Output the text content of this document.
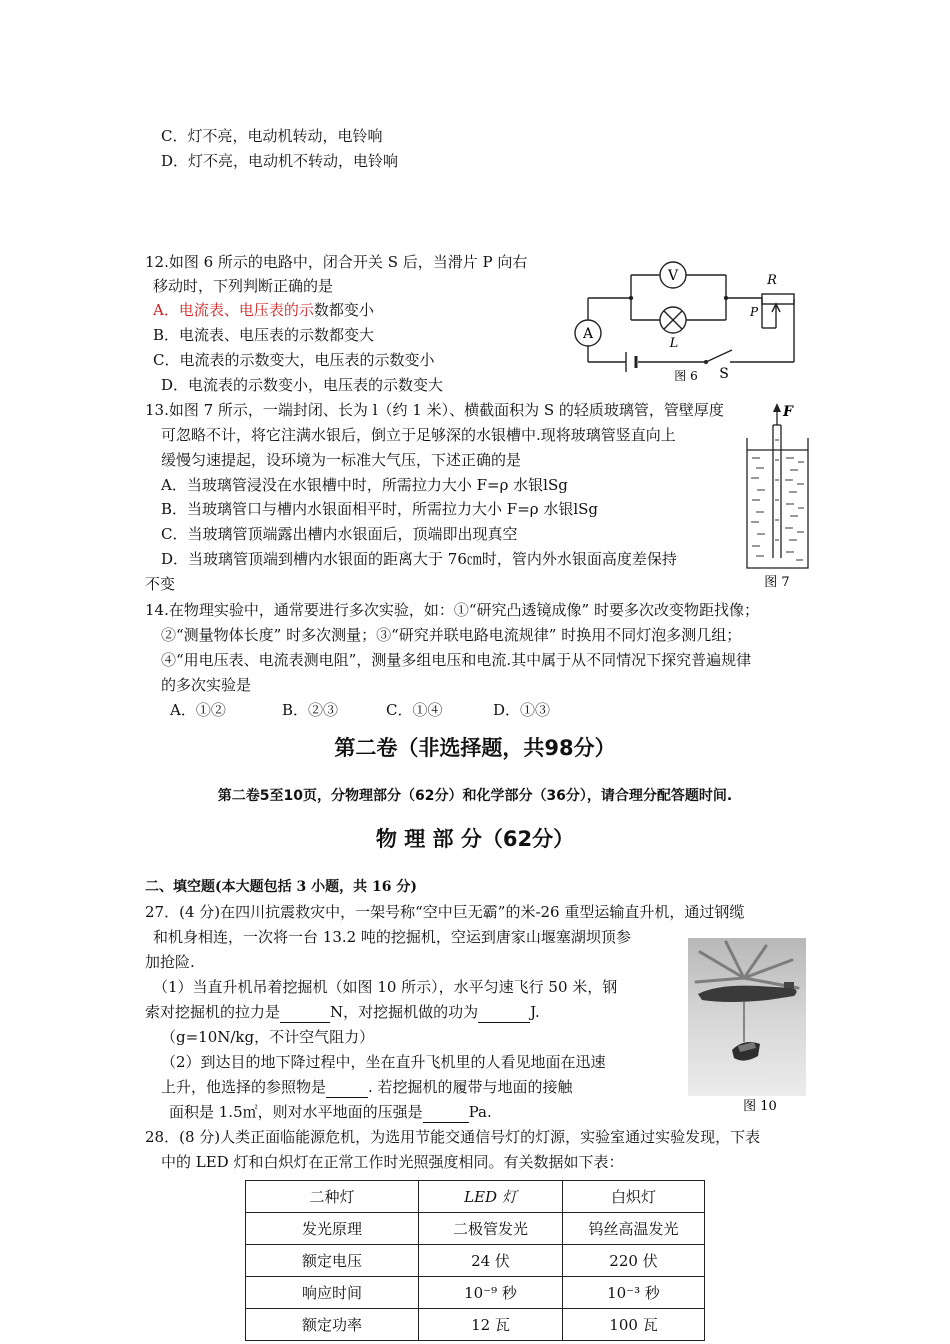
C．灯不亮，电动机转动，电铃响
D．灯不亮，电动机不转动，电铃响
12.如图 6 所示的电路中，闭合开关 S 后，当滑片 P 向右
移动时，下列判断正确的是
A．电流表、电压表的示数都变小
B．电流表、电压表的示数都变大
C．电流表的示数变大，电压表的示数变小
D．电流表的示数变小，电压表的示数变大
V
A
L
R
P
S
图 6
13.如图 7 所示，一端封闭、长为 l（约 1 米）、横截面积为 S 的轻质玻璃管，管壁厚度
可忽略不计，将它注满水银后，倒立于足够深的水银槽中.现将玻璃管竖直向上
缓慢匀速提起，设环境为一标准大气压，下述正确的是
A．当玻璃管浸没在水银槽中时，所需拉力大小 F=ρ 水银lSg
B．当玻璃管口与槽内水银面相平时，所需拉力大小 F=ρ 水银lSg
C．当玻璃管顶端露出槽内水银面后，顶端即出现真空
D．当玻璃管顶端到槽内水银面的距离大于 76㎝时，管内外水银面高度差保持
不变
F
图 7
14.在物理实验中，通常要进行多次实验，如：①“研究凸透镜成像” 时要多次改变物距找像；
②“测量物体长度” 时多次测量；③“研究并联电路电流规律” 时换用不同灯泡多测几组；
④“用电压表、电流表测电阻”，测量多组电压和电流.其中属于从不同情况下探究普遍规律
的多次实验是
A．①②	B．②③	C．①④	D．①③
第二卷（非选择题，共98分）
第二卷5至10页，分物理部分（62分）和化学部分（36分），请合理分配答题时间.
物 理 部 分（62分）
二、填空题(本大题包括 3 小题，共 16 分)
27．(4 分)在四川抗震救灾中，一架号称“空中巨无霸”的米-26 重型运输直升机，通过钢缆
和机身相连，一次将一台 13.2 吨的挖掘机，空运到唐家山堰塞湖坝顶参
加抢险.
（1）当直升机吊着挖掘机（如图 10 所示），水平匀速飞行 50 米，钢
索对挖掘机的拉力是	N，对挖掘机做的功为	J.
（g=10N/kg，不计空气阻力）
（2）到达目的地下降过程中，坐在直升飞机里的人看见地面在迅速
上升，他选择的参照物是	. 若挖掘机的履带与地面的接触
面积是 1.5㎡，则对水平地面的压强是	Pa.	图 10
28．(8 分)人类正面临能源危机，为选用节能交通信号灯的灯源，实验室通过实验发现，下表
中的 LED 灯和白炽灯在正常工作时光照强度相同。有关数据如下表：
二种灯	LED 灯	白炽灯
发光原理	二极管发光	钨丝高温发光
额定电压	24 伏	220 伏
响应时间	10⁻⁹ 秒	10⁻³ 秒
额定功率	12 瓦	100 瓦
